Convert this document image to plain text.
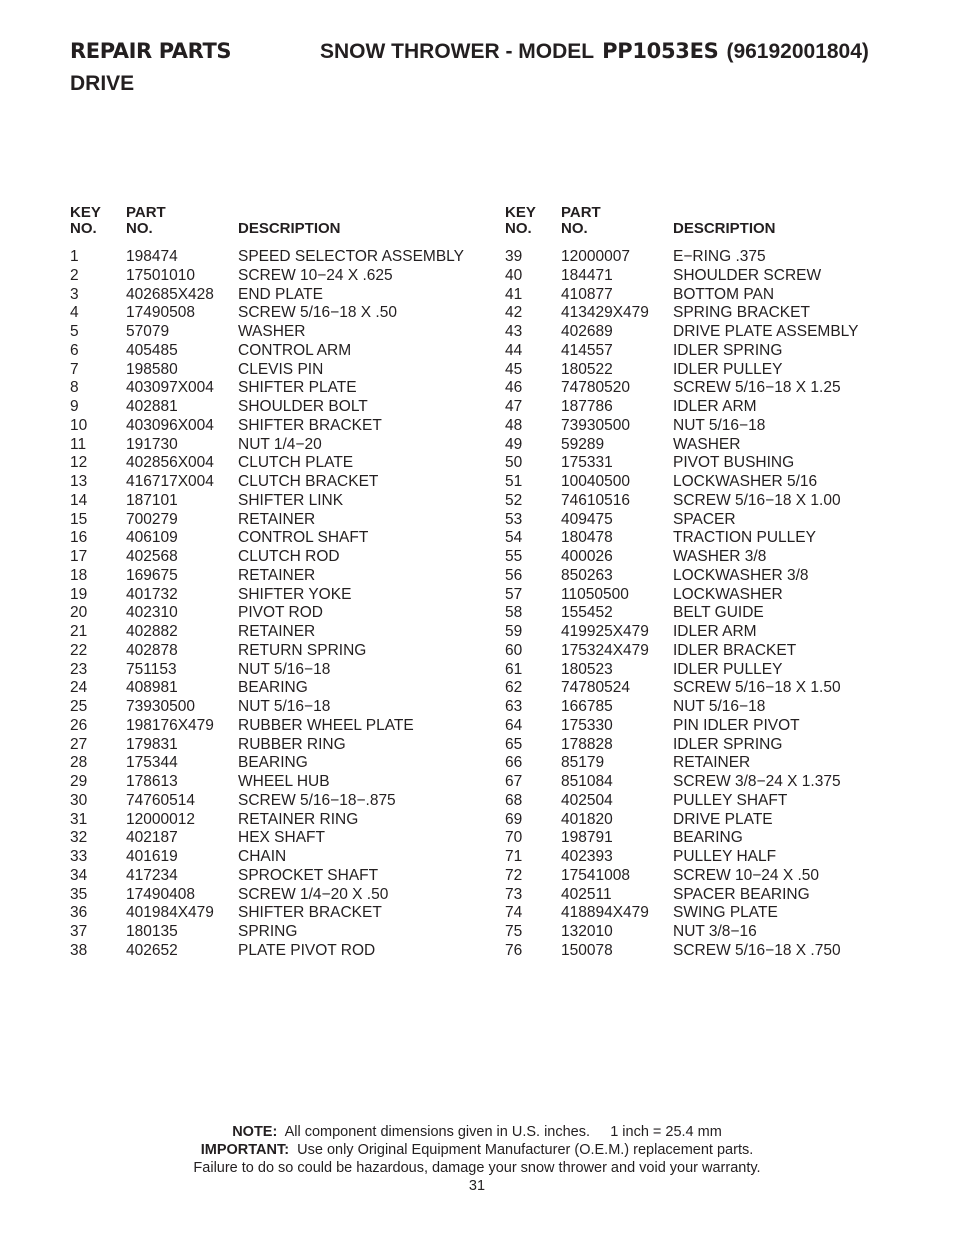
REPAIR PARTS	SNOW THROWER - MODEL PP1053ES (96192001804)
DRIVE
KEY
NO.
PART
NO.	DESCRIPTION
1	198474	SPEED SELECTOR ASSEMBLY
2	17501010	SCREW 10−24 X .625
3	402685X428 END PLATE
4	17490508	SCREW 5/16−18 X .50
5	57079	WASHER
6	405485	CONTROL ARM
7	198580	CLEVIS PIN
8	403097X004 SHIFTER PLATE
9	402881	SHOULDER BOLT
10	403096X004 SHIFTER BRACKET
11	191730	NUT 1/4−20
12	402856X004 CLUTCH PLATE
13	416717X004 CLUTCH BRACKET
14	187101	SHIFTER LINK
15	700279	RETAINER
16	406109	CONTROL SHAFT
17	402568	CLUTCH ROD
18	169675	RETAINER
19	401732	SHIFTER YOKE
20	402310	PIVOT ROD
21	402882	RETAINER
22	402878	RETURN SPRING
23	751153	NUT 5/16−18
24	408981	BEARING
25	73930500	NUT 5/16−18
26	198176X479 RUBBER WHEEL PLATE
27	179831	RUBBER RING
28	175344	BEARING
29	178613	WHEEL HUB
30	74760514	SCREW 5/16−18−.875
31	12000012	RETAINER RING
32	402187	HEX SHAFT
33	401619	CHAIN
34	417234	SPROCKET SHAFT
35	17490408	SCREW 1/4−20 X .50
36	401984X479 SHIFTER BRACKET
37	180135	SPRING
38	402652	PLATE PIVOT ROD
KEY
NO.
PART
NO.	DESCRIPTION
39	12000007	E−RING .375
40	184471	SHOULDER SCREW
41	410877	BOTTOM PAN
42	413429X479 SPRING BRACKET
43	402689	DRIVE PLATE ASSEMBLY
44	414557	IDLER SPRING
45	180522	IDLER PULLEY
46	74780520	SCREW 5/16−18 X 1.25
47	187786	IDLER ARM
48	73930500	NUT 5/16−18
49	59289	WASHER
50	175331	PIVOT BUSHING
51	10040500	LOCKWASHER 5/16
52	74610516	SCREW 5/16−18 X 1.00
53	409475	SPACER
54	180478	TRACTION PULLEY
55	400026	WASHER 3/8
56	850263	LOCKWASHER 3/8
57	11050500	LOCKWASHER
58	155452	BELT GUIDE
59	419925X479 IDLER ARM
60	175324X479 IDLER BRACKET
61	180523	IDLER PULLEY
62	74780524	SCREW 5/16−18 X 1.50
63	166785	NUT 5/16−18
64	175330	PIN IDLER PIVOT
65	178828	IDLER SPRING
66	85179	RETAINER
67	851084	SCREW 3/8−24 X 1.375
68	402504	PULLEY SHAFT
69	401820	DRIVE PLATE
70	198791	BEARING
71	402393	PULLEY HALF
72	17541008	SCREW 10−24 X .50
73	402511	SPACER BEARING
74	418894X479 SWING PLATE
75	132010	NUT 3/8−16
76	150078	SCREW 5/16−18 X .750
NOTE: All component dimensions given in U.S. inches. 1 inch = 25.4 mm
IMPORTANT: Use only Original Equipment Manufacturer (O.E.M.) replacement parts.
Failure to do so could be hazardous, damage your snow thrower and void your warranty.
31
